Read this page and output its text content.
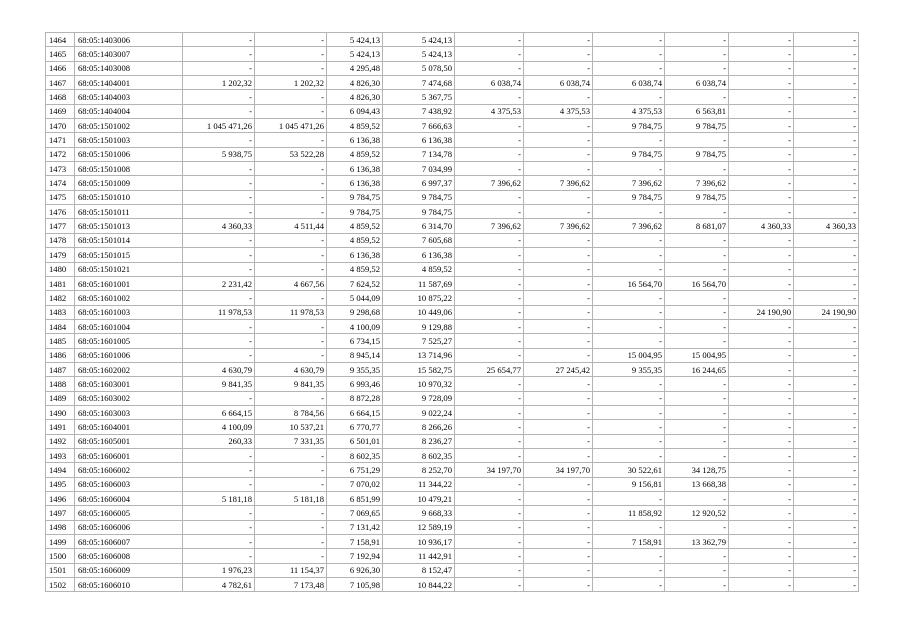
1464	68:05:1403006	-	-	5 424,13	5 424,13	-	-	-	-	-	-
1465	68:05:1403007	-	-	5 424,13	5 424,13	-	-	-	-	-	-
1466	68:05:1403008	-	-	4 295,48	5 078,50	-	-	-	-	-	-
1467	68:05:1404001	1 202,32	1 202,32	4 826,30	7 474,68	6 038,74	6 038,74	6 038,74	6 038,74	-	-
1468	68:05:1404003	-	-	4 826,30	5 367,75	-	-	-	-	-	-
1469	68:05:1404004	-	-	6 094,43	7 438,92	4 375,53	4 375,53	4 375,53	6 563,81	-	-
1470	68:05:1501002	1 045 471,26	1 045 471,26	4 859,52	7 666,63	-	-	9 784,75	9 784,75	-	-
1471	68:05:1501003	-	-	6 136,38	6 136,38	-	-	-	-	-	-
1472	68:05:1501006	5 938,75	53 522,28	4 859,52	7 134,78	-	-	9 784,75	9 784,75	-	-
1473	68:05:1501008	-	-	6 136,38	7 034,99	-	-	-	-	-	-
1474	68:05:1501009	-	-	6 136,38	6 997,37	7 396,62	7 396,62	7 396,62	7 396,62	-	-
1475	68:05:1501010	-	-	9 784,75	9 784,75	-	-	9 784,75	9 784,75	-	-
1476	68:05:1501011	-	-	9 784,75	9 784,75	-	-	-	-	-	-
1477	68:05:1501013	4 360,33	4 511,44	4 859,52	6 314,70	7 396,62	7 396,62	7 396,62	8 681,07	4 360,33	4 360,33
1478	68:05:1501014	-	-	4 859,52	7 605,68	-	-	-	-	-	-
1479	68:05:1501015	-	-	6 136,38	6 136,38	-	-	-	-	-	-
1480	68:05:1501021	-	-	4 859,52	4 859,52	-	-	-	-	-	-
1481	68:05:1601001	2 231,42	4 667,56	7 624,52	11 587,69	-	-	16 564,70	16 564,70	-	-
1482	68:05:1601002	-	-	5 044,09	10 875,22	-	-	-	-	-	-
1483	68:05:1601003	11 978,53	11 978,53	9 298,68	10 449,06	-	-	-	-	24 190,90	24 190,90
1484	68:05:1601004	-	-	4 100,09	9 129,88	-	-	-	-	-	-
1485	68:05:1601005	-	-	6 734,15	7 525,27	-	-	-	-	-	-
1486	68:05:1601006	-	-	8 945,14	13 714,96	-	-	15 004,95	15 004,95	-	-
1487	68:05:1602002	4 630,79	4 630,79	9 355,35	15 582,75	25 654,77	27 245,42	9 355,35	16 244,65	-	-
1488	68:05:1603001	9 841,35	9 841,35	6 993,46	10 970,32	-	-	-	-	-	-
1489	68:05:1603002	-	-	8 872,28	9 728,09	-	-	-	-	-	-
1490	68:05:1603003	6 664,15	8 784,56	6 664,15	9 022,24	-	-	-	-	-	-
1491	68:05:1604001	4 100,09	10 537,21	6 770,77	8 266,26	-	-	-	-	-	-
1492	68:05:1605001	260,33	7 331,35	6 501,01	8 236,27	-	-	-	-	-	-
1493	68:05:1606001	-	-	8 602,35	8 602,35	-	-	-	-	-	-
1494	68:05:1606002	-	-	6 751,29	8 252,70	34 197,70	34 197,70	30 522,61	34 128,75	-	-
1495	68:05:1606003	-	-	7 070,02	11 344,22	-	-	9 156,81	13 668,38	-	-
1496	68:05:1606004	5 181,18	5 181,18	6 851,99	10 479,21	-	-	-	-	-	-
1497	68:05:1606005	-	-	7 069,65	9 668,33	-	-	11 858,92	12 920,52	-	-
1498	68:05:1606006	-	-	7 131,42	12 589,19	-	-	-	-	-	-
1499	68:05:1606007	-	-	7 158,91	10 936,17	-	-	7 158,91	13 362,79	-	-
1500	68:05:1606008	-	-	7 192,94	11 442,91	-	-	-	-	-	-
1501	68:05:1606009	1 976,23	11 154,37	6 926,30	8 152,47	-	-	-	-	-	-
1502	68:05:1606010	4 782,61	7 173,48	7 105,98	10 844,22	-	-	-	-	-	-
